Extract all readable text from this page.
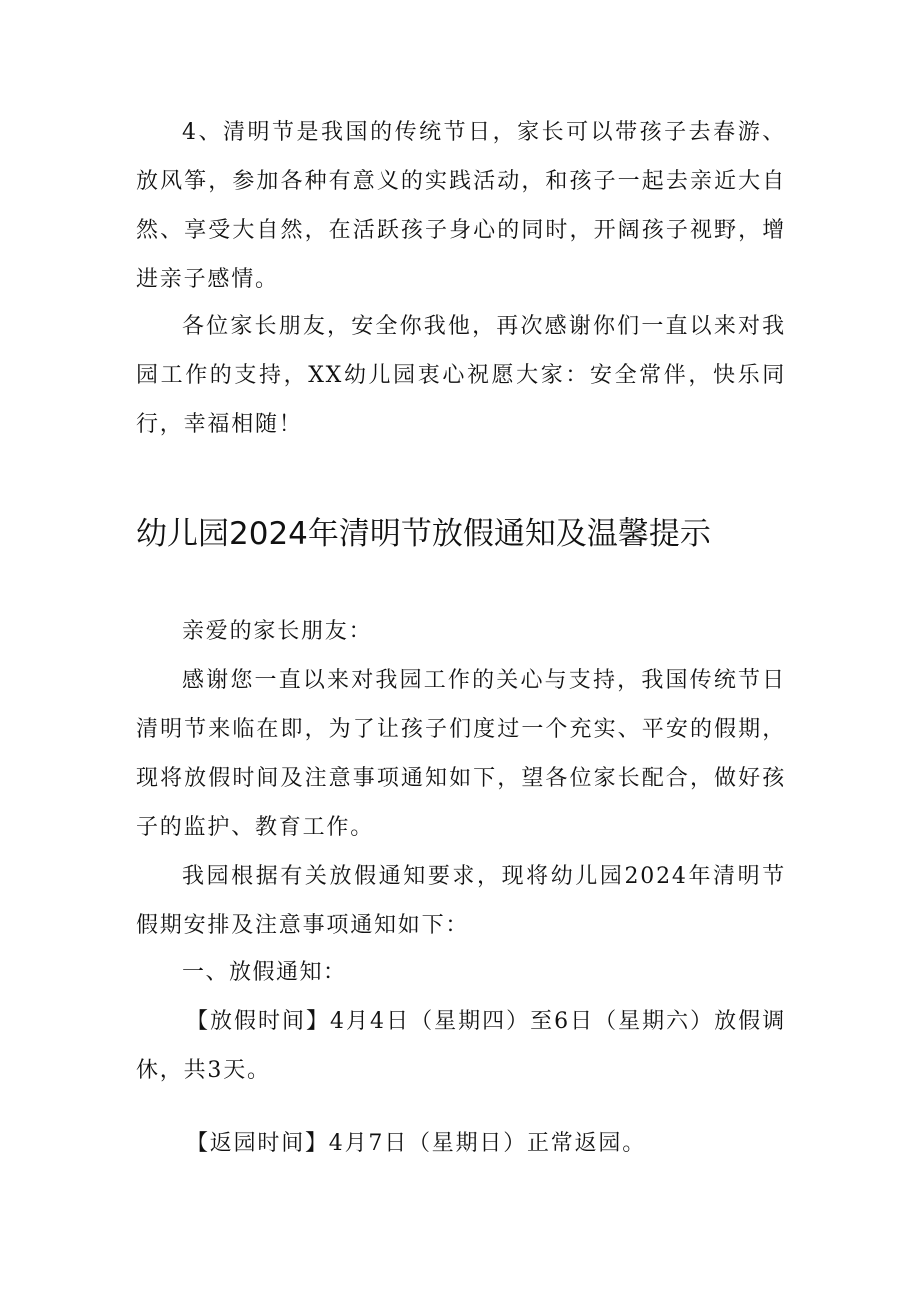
4、清明节是我国的传统节日，家长可以带孩子去春游、放风筝，参加各种有意义的实践活动，和孩子一起去亲近大自然、享受大自然，在活跃孩子身心的同时，开阔孩子视野，增进亲子感情。

各位家长朋友，安全你我他，再次感谢你们一直以来对我园工作的支持，XX幼儿园衷心祝愿大家：安全常伴，快乐同行，幸福相随！

幼儿园2024年清明节放假通知及温馨提示

亲爱的家长朋友：

感谢您一直以来对我园工作的关心与支持，我国传统节日清明节来临在即，为了让孩子们度过一个充实、平安的假期，现将放假时间及注意事项通知如下，望各位家长配合，做好孩子的监护、教育工作。

我园根据有关放假通知要求，现将幼儿园2024年清明节假期安排及注意事项通知如下：

一、放假通知：

【放假时间】4月4日（星期四）至6日（星期六）放假调休，共3天。

【返园时间】4月7日（星期日）正常返园。
